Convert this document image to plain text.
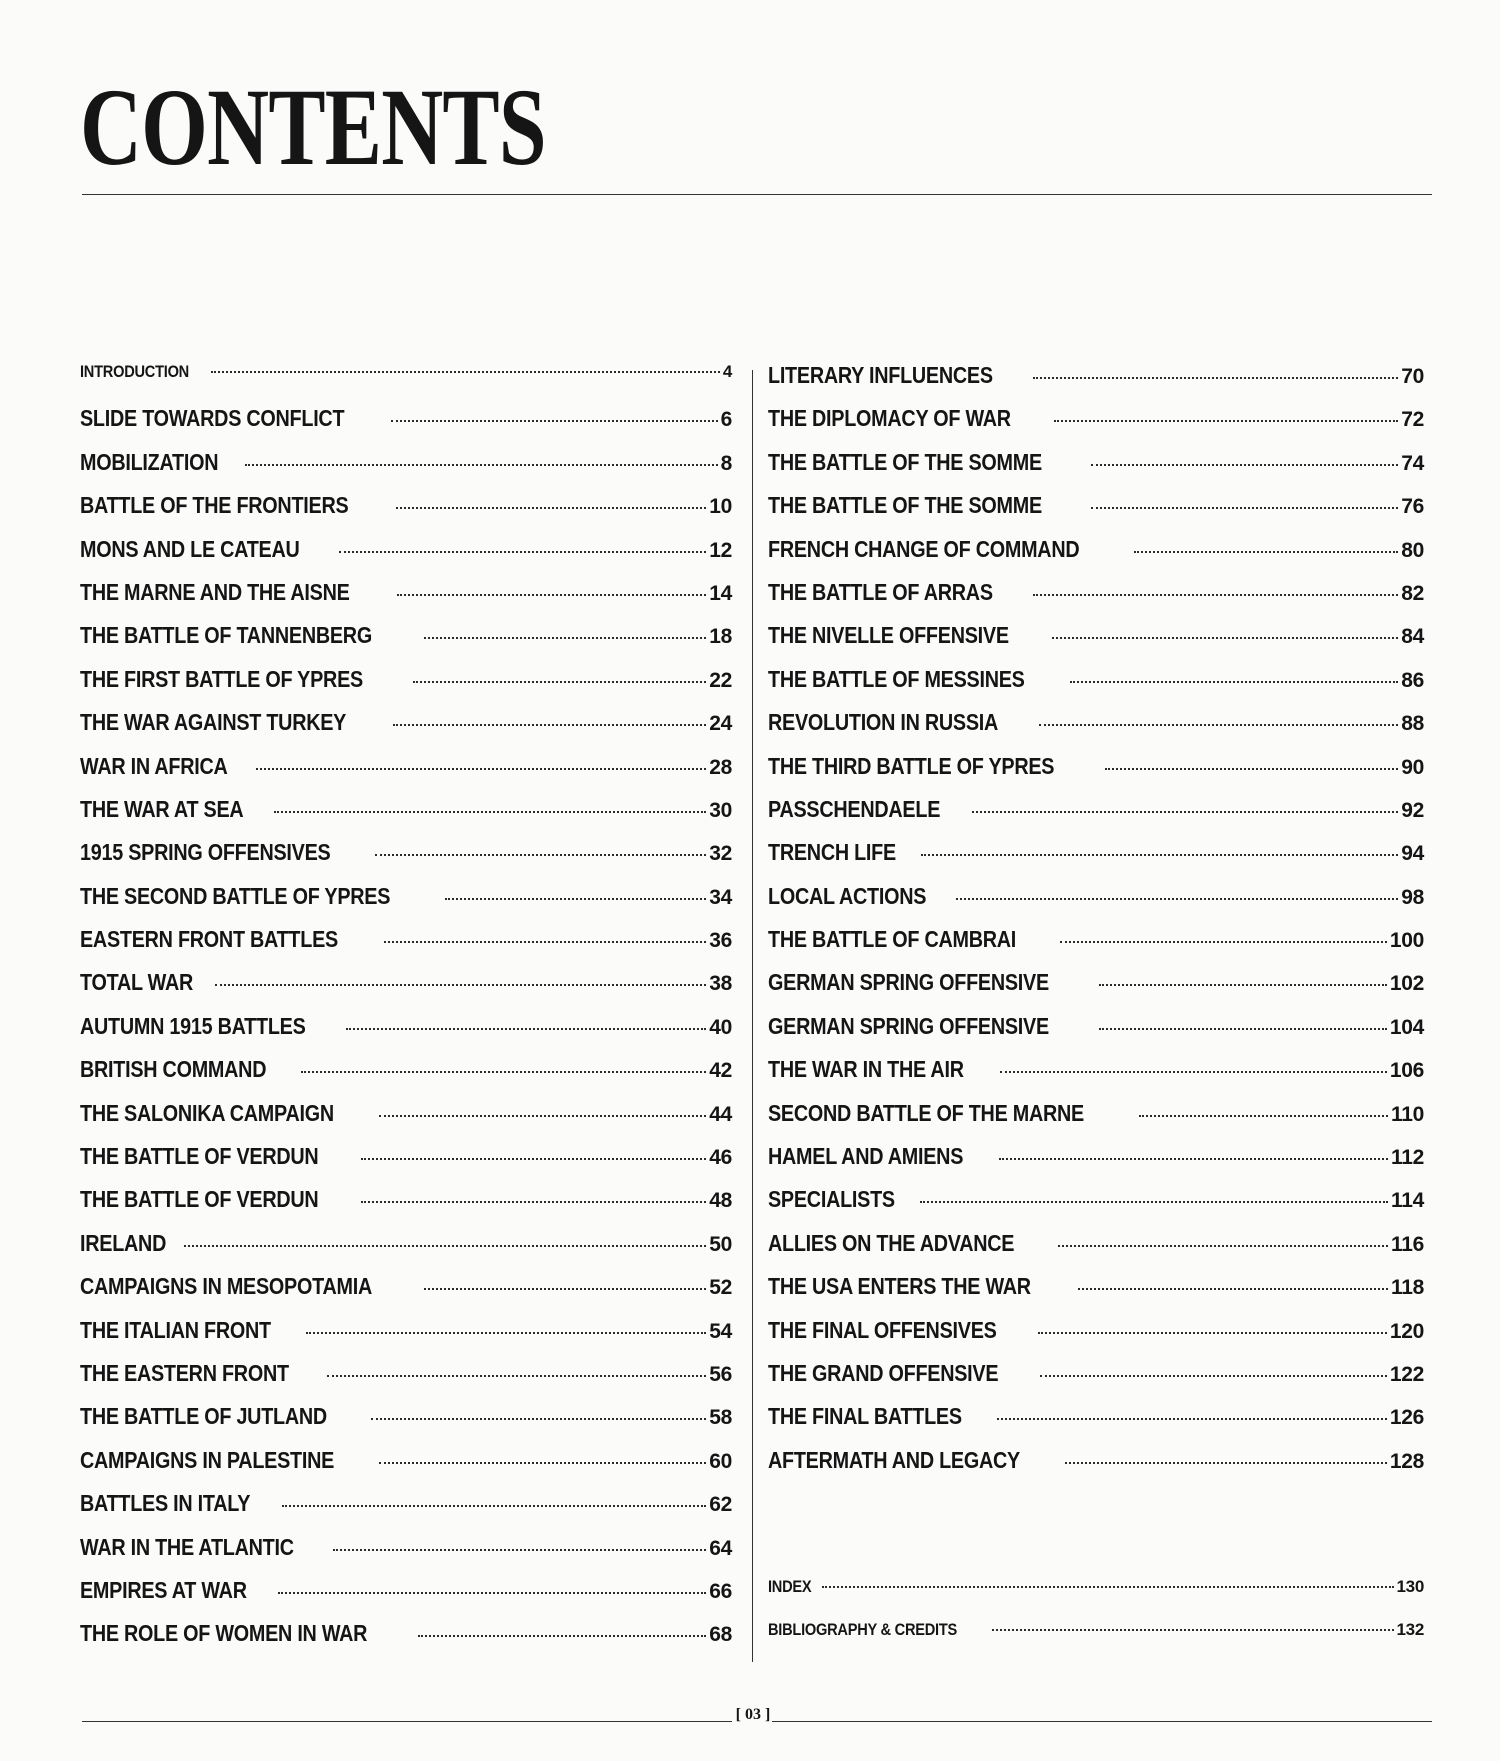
CONTENTS
INTRODUCTION	4
SLIDE TOWARDS CONFLICT	6
MOBILIZATION	8
BATTLE OF THE FRONTIERS	10
MONS AND LE CATEAU	12
THE MARNE AND THE AISNE	14
THE BATTLE OF TANNENBERG	18
THE FIRST BATTLE OF YPRES	22
THE WAR AGAINST TURKEY	24
WAR IN AFRICA	28
THE WAR AT SEA	30
1915 SPRING OFFENSIVES	32
THE SECOND BATTLE OF YPRES	34
EASTERN FRONT BATTLES	36
TOTAL WAR	38
AUTUMN 1915 BATTLES	40
BRITISH COMMAND	42
THE SALONIKA CAMPAIGN	44
THE BATTLE OF VERDUN	46
THE BATTLE OF VERDUN	48
IRELAND	50
CAMPAIGNS IN MESOPOTAMIA	52
THE ITALIAN FRONT	54
THE EASTERN FRONT	56
THE BATTLE OF JUTLAND	58
CAMPAIGNS IN PALESTINE	60
BATTLES IN ITALY	62
WAR IN THE ATLANTIC	64
EMPIRES AT WAR	66
THE ROLE OF WOMEN IN WAR	68
LITERARY INFLUENCES	70
THE DIPLOMACY OF WAR	72
THE BATTLE OF THE SOMME	74
THE BATTLE OF THE SOMME	76
FRENCH CHANGE OF COMMAND	80
THE BATTLE OF ARRAS	82
THE NIVELLE OFFENSIVE	84
THE BATTLE OF MESSINES	86
REVOLUTION IN RUSSIA	88
THE THIRD BATTLE OF YPRES	90
PASSCHENDAELE	92
TRENCH LIFE	94
LOCAL ACTIONS	98
THE BATTLE OF CAMBRAI	100
GERMAN SPRING OFFENSIVE	102
GERMAN SPRING OFFENSIVE	104
THE WAR IN THE AIR	106
SECOND BATTLE OF THE MARNE	110
HAMEL AND AMIENS	112
SPECIALISTS	114
ALLIES ON THE ADVANCE	116
THE USA ENTERS THE WAR	118
THE FINAL OFFENSIVES	120
THE GRAND OFFENSIVE	122
THE FINAL BATTLES	126
AFTERMATH AND LEGACY	128
INDEX	130
BIBLIOGRAPHY & CREDITS	132
[ 03 ]
